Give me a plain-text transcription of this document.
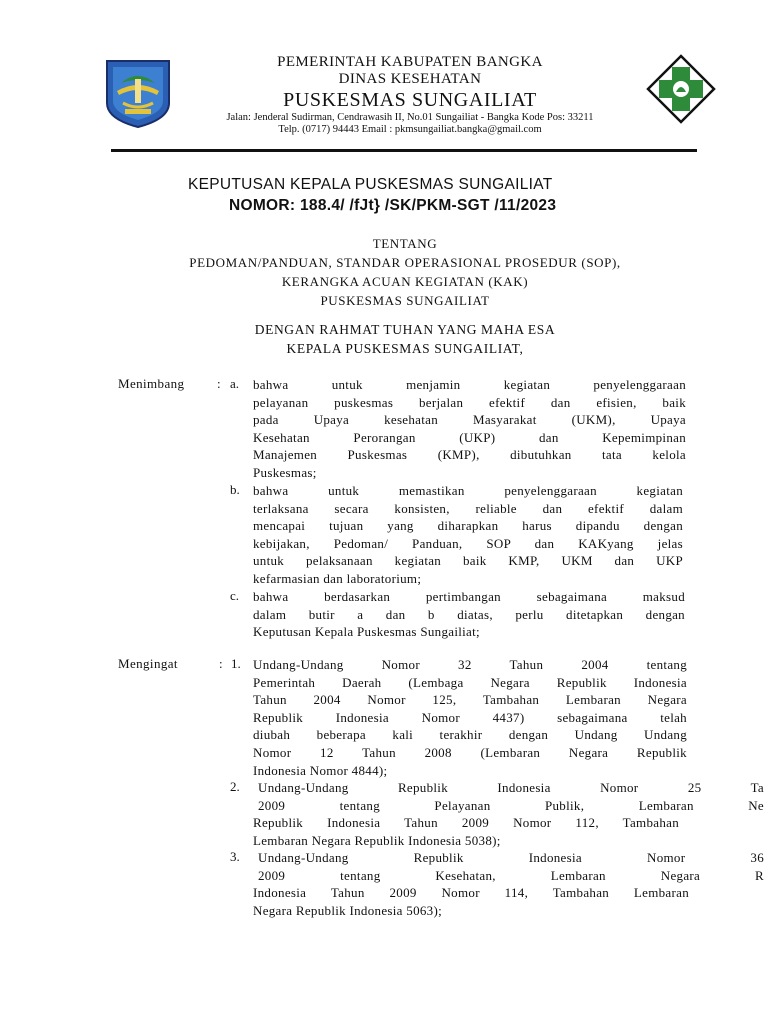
PEMERINTAH KABUPATEN BANGKA
DINAS KESEHATAN
PUSKESMAS SUNGAILIAT
Jalan: Jenderal Sudirman, Cendrawasih II, No.01 Sungailiat - Bangka Kode Pos: 33211
Telp. (0717) 94443 Email : pkmsungailiat.bangka@gmail.com
KEPUTUSAN KEPALA PUSKESMAS SUNGAILIAT
NOMOR: 188.4/ /fJt} /SK/PKM-SGT /11/2023
TENTANG
PEDOMAN/PANDUAN, STANDAR OPERASIONAL PROSEDUR (SOP),
KERANGKA ACUAN KEGIATAN (KAK)
PUSKESMAS SUNGAILIAT
DENGAN RAHMAT TUHAN YANG MAHA ESA
KEPALA PUSKESMAS SUNGAILIAT,
Menimbang	: a. bahwa untuk menjamin kegiatan penyelenggaraan
pelayanan puskesmas berjalan efektif dan efisien, baik
pada Upaya kesehatan Masyarakat (UKM), Upaya
Kesehatan Perorangan (UKP) dan Kepemimpinan
Manajemen Puskesmas (KMP), dibutuhkan tata kelola
Puskesmas;
b. bahwa untuk memastikan penyelenggaraan kegiatan
terlaksana secara konsisten, reliable dan efektif dalam
mencapai tujuan yang diharapkan harus dipandu dengan
kebijakan, Pedoman/ Panduan, SOP dan KAKyang jelas
untuk pelaksanaan kegiatan baik KMP, UKM dan UKP
kefarmasian dan laboratorium;
c. bahwa berdasarkan pertimbangan sebagaimana maksud
dalam butir a dan b diatas, perlu ditetapkan dengan
Keputusan Kepala Puskesmas Sungailiat;
Mengingat	: 1. Undang-Undang Nomor 32 Tahun 2004 tentang
Pemerintah Daerah (Lembaga Negara Republik Indonesia
Tahun 2004 Nomor 125, Tambahan Lembaran Negara
Republik Indonesia Nomor 4437) sebagaimana telah
diubah beberapa kali terakhir dengan Undang Undang
Nomor 12 Tahun 2008 (Lembaran Negara Republik
Indonesia Nomor 4844);
2.	Undang-Undang Republik Indonesia Nomor 25 Ta
2009 tentang Pelayanan Publik, Lembaran Ne
Republik Indonesia Tahun 2009 Nomor 112, Tambahan
Lembaran Negara Republik Indonesia 5038);
3.	Undang-Undang Republik Indonesia Nomor 36
2009 tentang Kesehatan, Lembaran Negara R
Indonesia Tahun 2009 Nomor 114, Tambahan Lembaran
Negara Republik Indonesia 5063);
